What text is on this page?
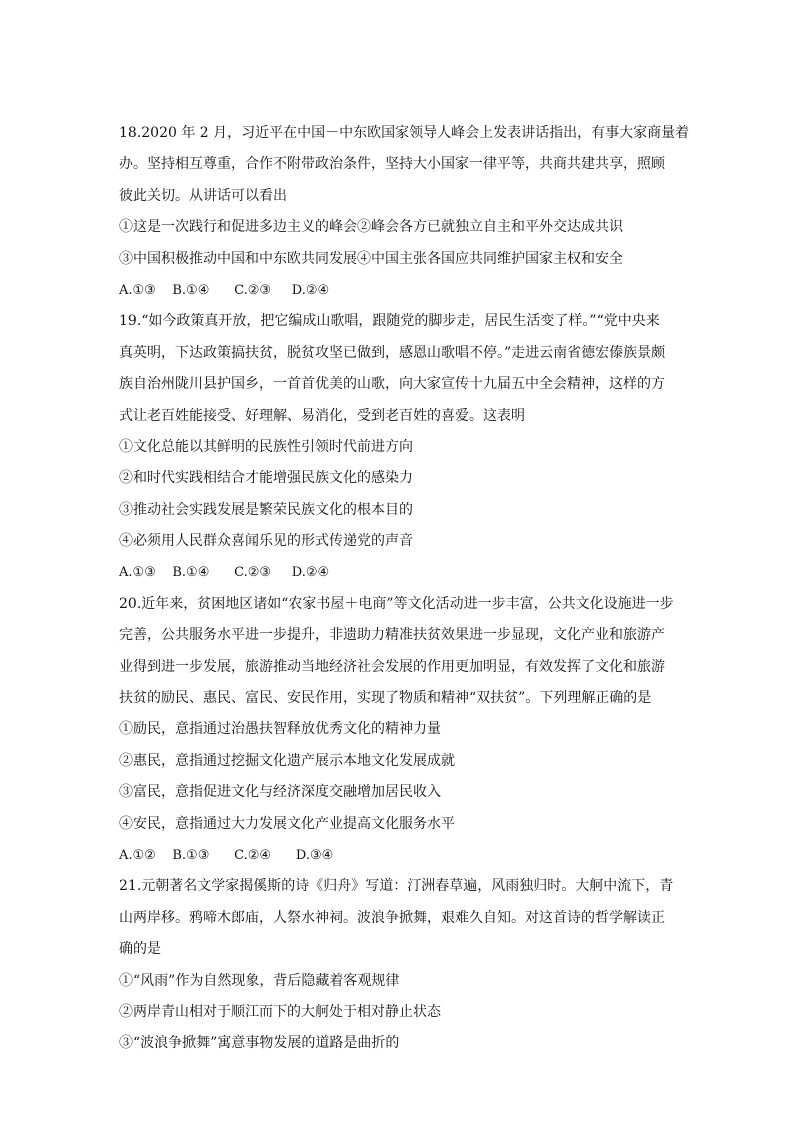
18.2020 年 2 月，习近平在中国－中东欧国家领导人峰会上发表讲话指出，有事大家商量着
办。坚持相互尊重，合作不附带政治条件，坚持大小国家一律平等，共商共建共享，照顾
彼此关切。从讲话可以看出
①这是一次践行和促进多边主义的峰会②峰会各方已就独立自主和平外交达成共识
③中国积极推动中国和中东欧共同发展④中国主张各国应共同维护国家主权和安全
A.①③    B.①④      C.②③     D.②④
19.“如今政策真开放，把它编成山歌唱，跟随党的脚步走，居民生活变了样。”“党中央来
真英明，下达政策搞扶贫，脱贫攻坚已做到，感恩山歌唱不停。”走进云南省德宏傣族景颇
族自治州陇川县护国乡，一首首优美的山歌，向大家宣传十九届五中全会精神，这样的方
式让老百姓能接受、好理解、易消化，受到老百姓的喜爱。这表明
①文化总能以其鲜明的民族性引领时代前进方向
②和时代实践相结合才能增强民族文化的感染力
③推动社会实践发展是繁荣民族文化的根本目的
④必须用人民群众喜闻乐见的形式传递党的声音
A.①③    B.①④      C.②③     D.②④
20.近年来，贫困地区诸如“农家书屋＋电商”等文化活动进一步丰富，公共文化设施进一步
完善，公共服务水平进一步提升，非遗助力精准扶贫效果进一步显现，文化产业和旅游产
业得到进一步发展，旅游推动当地经济社会发展的作用更加明显，有效发挥了文化和旅游
扶贫的励民、惠民、富民、安民作用，实现了物质和精神“双扶贫”。下列理解正确的是
①励民，意指通过治愚扶智释放优秀文化的精神力量
②惠民，意指通过挖掘文化遗产展示本地文化发展成就
③富民，意指促进文化与经济深度交融增加居民收入
④安民，意指通过大力发展文化产业提高文化服务水平
A.①②    B.①③      C.②④      D.③④
21.元朝著名文学家揭傒斯的诗《归舟》写道：汀洲春草遍，风雨独归时。大舸中流下，青
山两岸移。鸦啼木郎庙，人祭水神祠。波浪争掀舞，艰难久自知。对这首诗的哲学解读正
确的是
①“风雨”作为自然现象，背后隐藏着客观规律
②两岸青山相对于顺江而下的大舸处于相对静止状态
③“波浪争掀舞”寓意事物发展的道路是曲折的
